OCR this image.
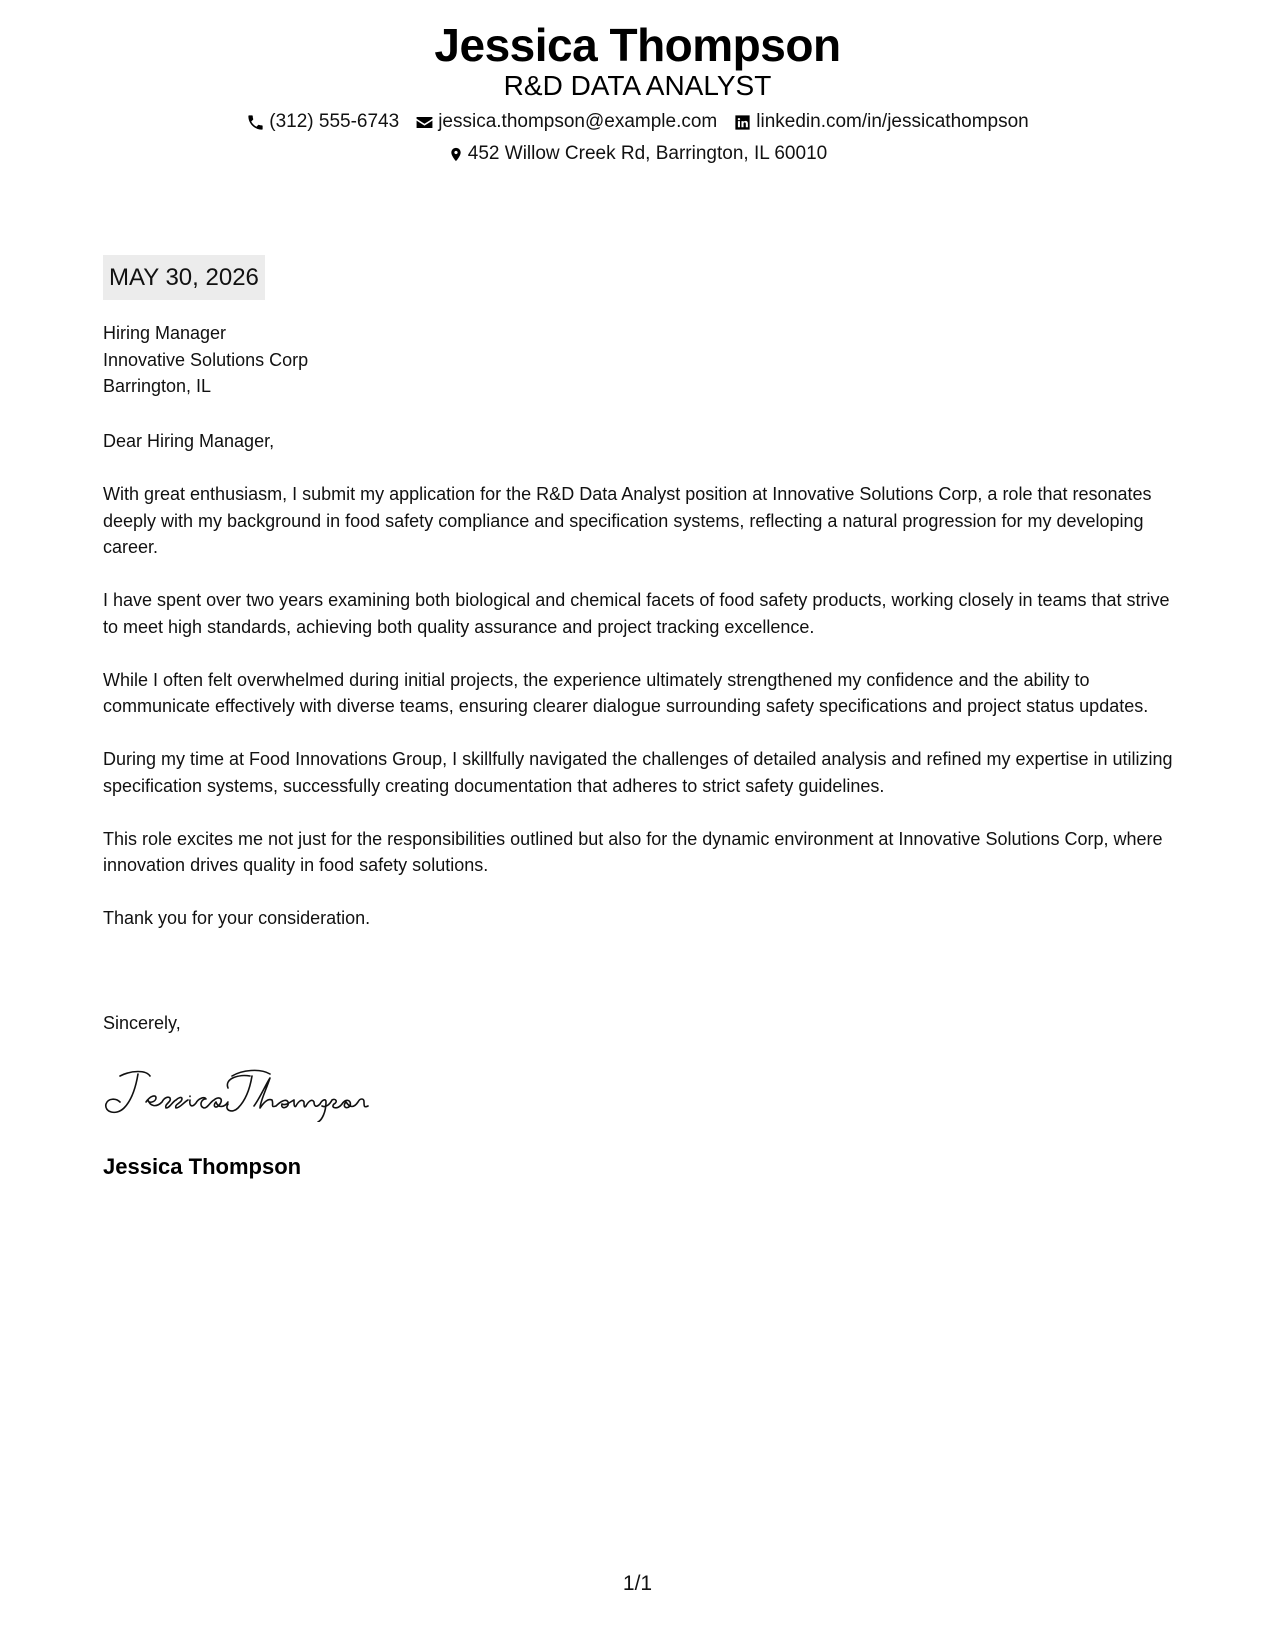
Jessica Thompson
R&D DATA ANALYST
(312) 555-6743 jessica.thompson@example.com linkedin.com/in/jessicathompson
452 Willow Creek Rd, Barrington, IL 60010
MAY 30, 2026
Hiring Manager
Innovative Solutions Corp
Barrington, IL
Dear Hiring Manager,

With great enthusiasm, I submit my application for the R&D Data Analyst position at Innovative Solutions Corp, a role that resonates deeply with my background in food safety compliance and specification systems, reflecting a natural progression for my developing career.

I have spent over two years examining both biological and chemical facets of food safety products, working closely in teams that strive to meet high standards, achieving both quality assurance and project tracking excellence.

While I often felt overwhelmed during initial projects, the experience ultimately strengthened my confidence and the ability to communicate effectively with diverse teams, ensuring clearer dialogue surrounding safety specifications and project status updates.

During my time at Food Innovations Group, I skillfully navigated the challenges of detailed analysis and refined my expertise in utilizing specification systems, successfully creating documentation that adheres to strict safety guidelines.

This role excites me not just for the responsibilities outlined but also for the dynamic environment at Innovative Solutions Corp, where innovation drives quality in food safety solutions.

Thank you for your consideration.

Sincerely,
Jessica Thompson
1/1
